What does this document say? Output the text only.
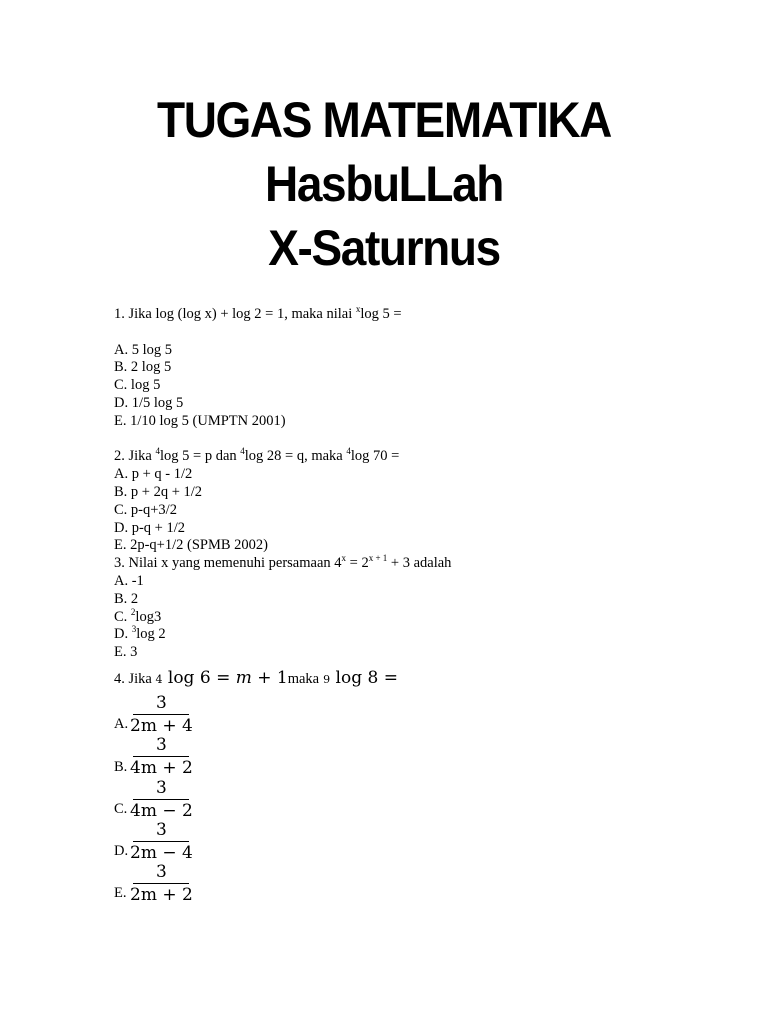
TUGAS MATEMATIKA
HasbuLLah
X-Saturnus
1. Jika log (log x) + log 2 = 1, maka nilai $^x$log 5 =
A. 5 log 5
B. 2 log 5
C. log 5
D. 1/5 log 5
E. 1/10 log 5 (UMPTN 2001)
2. Jika $^4$log 5 = p dan $^4$log 28 = q, maka $^4$log 70 =
A. p + q - 1/2
B. p + 2q + 1/2
C. p-q+3/2
D. p-q + 1/2
E. 2p-q+1/2 (SPMB 2002)
3. Nilai x yang memenuhi persamaan $4^x = 2^{x + 1} + 3$ adalah
A. -1
B. 2
C. $^2$log3
D. $^3$log 2
E. 3
4. Jika 4 log 6 = m + 1 maka 9 log 8 =
A. $\frac{3}{2m + 4}$
B. $\frac{3}{4m + 2}$
C. $\frac{3}{4m - 2}$
D. $\frac{3}{2m - 4}$
E. $\frac{3}{2m + 2}$
